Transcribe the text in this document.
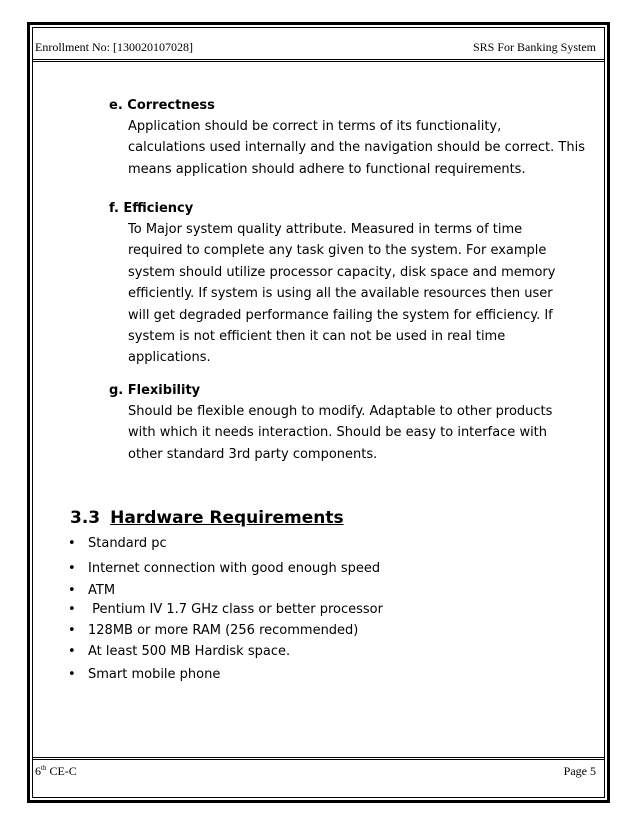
Enrollment No: [130020107028]	SRS For Banking System
e. Correctness
Application should be correct in terms of its functionality,
calculations used internally and the navigation should be correct. This
means application should adhere to functional requirements.
f. Efficiency
To Major system quality attribute. Measured in terms of time
required to complete any task given to the system. For example
system should utilize processor capacity, disk space and memory
efficiently. If system is using all the available resources then user
will get degraded performance failing the system for efficiency. If
system is not efficient then it can not be used in real time
applications.
g. Flexibility
Should be flexible enough to modify. Adaptable to other products
with which it needs interaction. Should be easy to interface with
other standard 3rd party components.
3.3 Hardware Requirements
• Standard pc
• Internet connection with good enough speed
• ATM
• Pentium IV 1.7 GHz class or better processor
• 128MB or more RAM (256 recommended)
• At least 500 MB Hardisk space.
• Smart mobile phone
6th CE-C	Page 5
